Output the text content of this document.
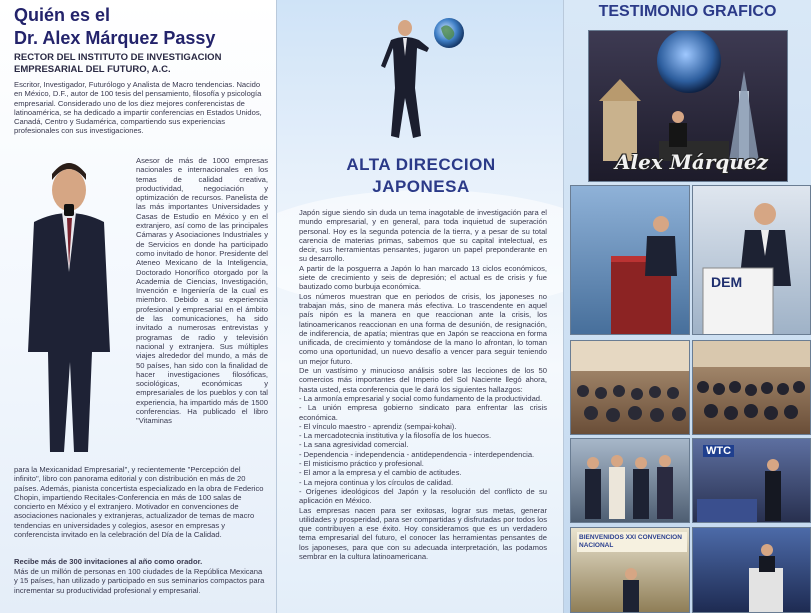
Quién es el
Dr. Alex Márquez Passy
RECTOR DEL INSTITUTO DE INVESTIGACION EMPRESARIAL DEL FUTURO, A.C.
Escritor, Investigador, Futurólogo y Analista de Macro tendencias. Nacido en México, D.F., autor de 100 tesis del pensamiento, filosofía y psicología empresarial. Considerado uno de los diez mejores conferencistas de latinoamérica, se ha dedicado a impartir conferencias en Estados Unidos, Canadá, Centro y Sudamérica, compartiendo sus experiencias profesionales con sus investigaciones.
Asesor de más de 1000 empresas nacionales e internacionales en los temas de calidad creativa, productividad, negociación y optimización de recursos. Panelista de las más importantes Universidades y Casas de Estudio en México y en el extranjero, así como de las principales Cámaras y Asociaciones Industriales y de Servicios en donde ha participado como invitado de honor. Presidente del Ateneo Mexicano de la Inteligencia, Doctorado Honorífico otorgado por la Academia de Ciencias, Investigación, Invención e Ingeniería de la cual es miembro. Debido a su experiencia profesional y empresarial en el ámbito de las comunicaciones, ha sido invitado a numerosas entrevistas y programas de radio y televisión nacional y extranjera. Sus múltiples viajes alrededor del mundo, a más de 50 países, han sido con la finalidad de hacer investigaciones filosóficas, sociológicas, económicas y empresariales de los pueblos y con tal experiencia, ha impartido más de 1500 conferencias. Ha publicado el libro "Vitaminas
para la Mexicanidad Empresarial", y recientemente "Percepción del infinito", libro con panorama editorial y con distribución en más de 20 países. Además, pianista concertista especializado en la obra de Federico Chopin, impartiendo Recitales-Conferencia en más de 100 salas de concierto en México y el extranjero. Motivador en convenciones de asociaciones nacionales y extranjeras, actualizador de temas de macro tendencias en universidades y colegios, asesor en empresas y conferencista invitado en la celebración del Día de la Calidad.
Recibe más de 300 invitaciones al año como orador.
Más de un millón de personas en 100 ciudades de la República Mexicana y 15 países, han utilizado y participado en sus seminarios compactos para incrementar su productividad profesional y empresarial.
ALTA DIRECCION
JAPONESA
Japón sigue siendo sin duda un tema inagotable de investigación para el mundo empresarial, y en general, para toda inquietud de superación personal. Hoy es la segunda potencia de la tierra, y a pesar de su total carencia de materias primas, sabemos que su capital intelectual, es decir, sus herramientas pensantes, jugaron un papel preponderante en su desarrollo.
A partir de la posguerra a Japón lo han marcado 13 ciclos económicos, siete de crecimiento y seis de depresión; el actual es de crisis y fue bautizado como burbuja económica.
Los números muestran que en periodos de crisis, los japoneses no trabajan más, sino de manera más efectiva. Lo trascendente en aquel país nipón es la manera en que reaccionan ante la crisis, los latinoamericanos reaccionan en una forma de desunión, de resignación, de indiferencia, de apatía; mientras que en Japón se reacciona en forma unificada, de crecimiento y tomándose de la mano lo afrontan, lo toman como una oportunidad, un nuevo desafío a vencer para seguir teniendo un mejor futuro.
De un vastísimo y minucioso análisis sobre las lecciones de los 50 comercios más importantes del Imperio del Sol Naciente llegó ahora, hasta usted, esta conferencia que le dará los siguientes hallazgos:
- La armonía empresarial y social como fundamento de la productividad.
- La unión empresa gobierno sindicato para enfrentar las crisis económica.
- El vínculo maestro - aprendiz (sempai-kohai).
- La mercadotecnia institutiva y la filosofía de los huecos.
- La sana agresividad comercial.
- Dependencia - independencia - antidependencia - interdependencia.
- El misticismo práctico y profesional.
- El amor a la empresa y el cambio de actitudes.
- La mejora continua y los círculos de calidad.
- Orígenes ideológicos del Japón y la resolución del conflicto de su aplicación en México.
Las empresas nacen para ser exitosas, lograr sus metas, generar utilidades y prosperidad, para ser compartidas y disfrutadas por todos los que contribuyen a ese éxito. Hoy consideramos que es un verdadero tema empresarial del futuro, el conocer las herramientas pensantes de los japoneses, para que con su adecuada interpretación, las podamos sembrar en la cultura latinoamericana.
TESTIMONIO GRAFICO
Alex Márquez
DEM
WTC
BIENVENIDOS XXI CONVENCION NACIONAL
